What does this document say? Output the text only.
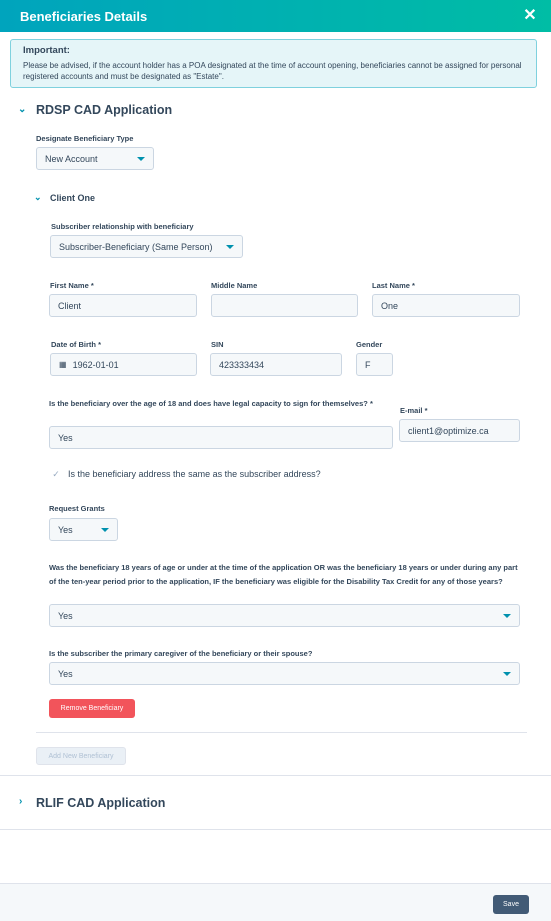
Beneficiaries Details	✕
Important:
Please be advised, if the account holder has a POA designated at the time of account opening, beneficiaries cannot be assigned for personal registered accounts and must be designated as "Estate".
⌄ RDSP CAD Application
Designate Beneficiary Type
New Account
⌄ Client One
Subscriber relationship with beneficiary
Subscriber-Beneficiary (Same Person)
First Name *
Client
Middle Name	Last Name *
One
Date of Birth *
▦ 1962-01-01
SIN
423333434
Gender
F
Is the beneficiary over the age of 18 and does have legal capacity to sign for themselves? *
Yes
E-mail *
client1@optimize.ca
✓ Is the beneficiary address the same as the subscriber address?
Request Grants
Yes
Was the beneficiary 18 years of age or under at the time of the application OR was the beneficiary 18 years or under during any part of the ten-year period prior to the application, IF the beneficiary was eligible for the Disability Tax Credit for any of those years?
Yes
Is the subscriber the primary caregiver of the beneficiary or their spouse?
Yes
Remove Beneficiary
Add New Beneficiary
› RLIF CAD Application
Save
